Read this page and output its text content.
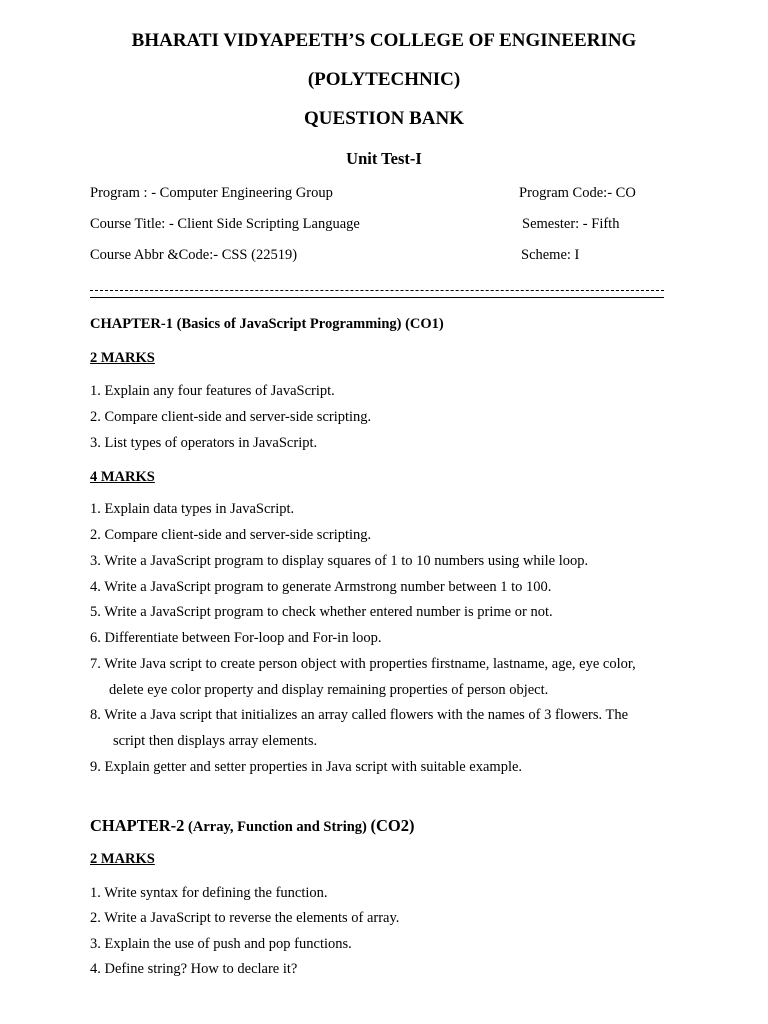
BHARATI VIDYAPEETH’S COLLEGE OF ENGINEERING
(POLYTECHNIC)
QUESTION BANK
Unit Test-I
Program : - Computer Engineering Group	Program Code:- CO
Course Title: - Client Side Scripting Language	Semester: - Fifth
Course Abbr &Code:- CSS (22519)	Scheme: I
CHAPTER-1 (Basics of JavaScript Programming) (CO1)
2 MARKS
1. Explain any four features of JavaScript.
2. Compare client-side and server-side scripting.
3. List types of operators in JavaScript.
4 MARKS
1. Explain data types in JavaScript.
2. Compare client-side and server-side scripting.
3. Write a JavaScript program to display squares of 1 to 10 numbers using while loop.
4. Write a JavaScript program to generate Armstrong number between 1 to 100.
5. Write a JavaScript program to check whether entered number is prime or not.
6. Differentiate between For-loop and For-in loop.
7. Write Java script to create person object with properties firstname, lastname, age, eye color,
delete eye color property and display remaining properties of person object.
8. Write a Java script that initializes an array called flowers with the names of 3 flowers. The
script then displays array elements.
9. Explain getter and setter properties in Java script with suitable example.
CHAPTER-2 (Array, Function and String) (CO2)
2 MARKS
1. Write syntax for defining the function.
2. Write a JavaScript to reverse the elements of array.
3. Explain the use of push and pop functions.
4. Define string? How to declare it?
